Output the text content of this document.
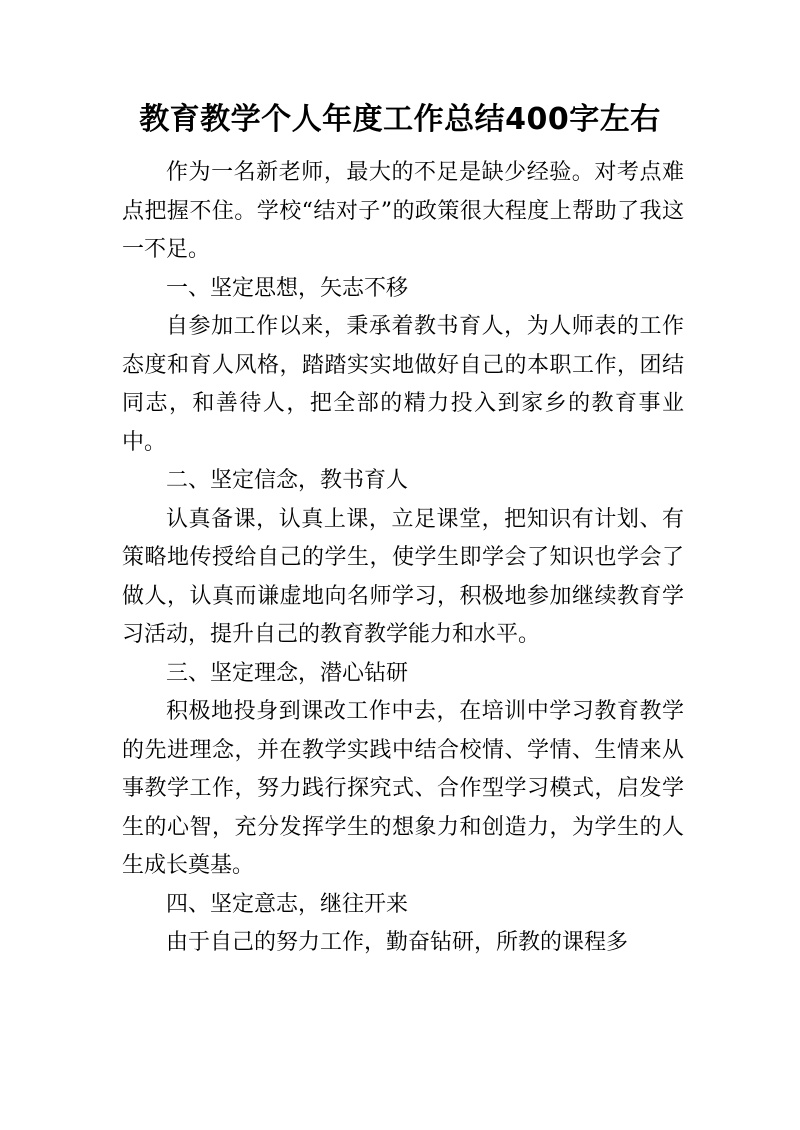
教育教学个人年度工作总结400字左右

作为一名新老师，最大的不足是缺少经验。对考点难点把握不住。学校“结对子”的政策很大程度上帮助了我这一不足。

一、坚定思想，矢志不移

自参加工作以来，秉承着教书育人，为人师表的工作态度和育人风格，踏踏实实地做好自己的本职工作，团结同志，和善待人，把全部的精力投入到家乡的教育事业中。

二、坚定信念，教书育人

认真备课，认真上课，立足课堂，把知识有计划、有策略地传授给自己的学生，使学生即学会了知识也学会了做人，认真而谦虚地向名师学习，积极地参加继续教育学习活动，提升自己的教育教学能力和水平。

三、坚定理念，潜心钻研

积极地投身到课改工作中去，在培训中学习教育教学的先进理念，并在教学实践中结合校情、学情、生情来从事教学工作，努力践行探究式、合作型学习模式，启发学生的心智，充分发挥学生的想象力和创造力，为学生的人生成长奠基。

四、坚定意志，继往开来

由于自己的努力工作，勤奋钻研，所教的课程多
